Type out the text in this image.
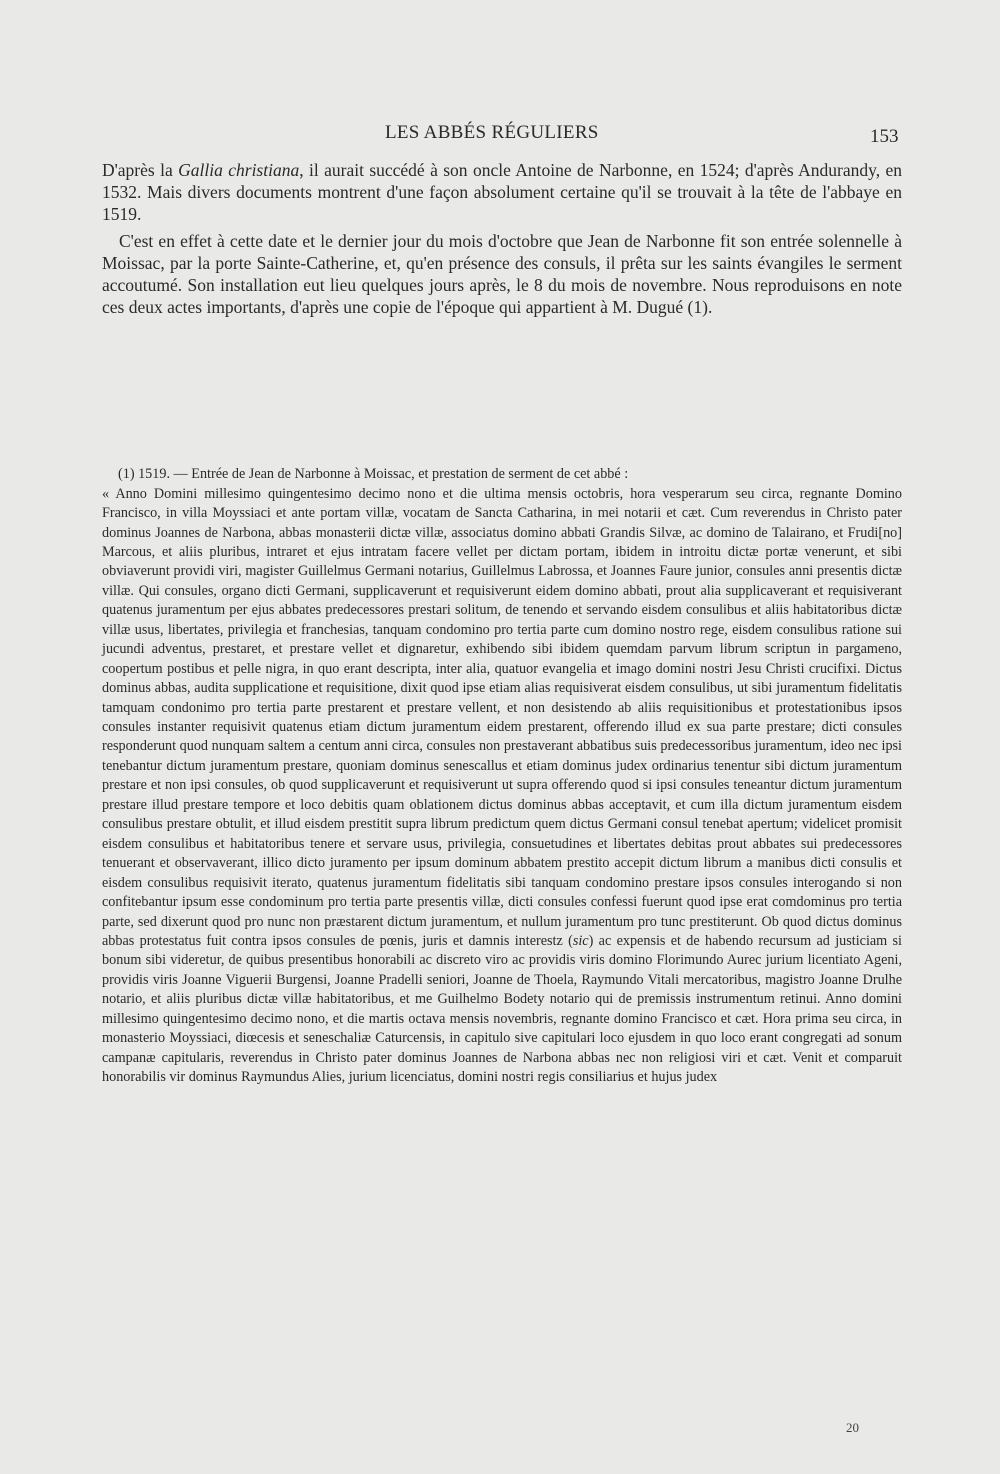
LES ABBÉS RÉGULIERS	153

D'après la Gallia christiana, il aurait succédé à son oncle Antoine de Narbonne, en 1524; d'après Andurandy, en 1532. Mais divers documents montrent d'une façon absolument certaine qu'il se trouvait à la tête de l'abbaye en 1519.

C'est en effet à cette date et le dernier jour du mois d'octobre que Jean de Narbonne fit son entrée solennelle à Moissac, par la porte Sainte-Catherine, et, qu'en présence des consuls, il prêta sur les saints évangiles le serment accoutumé. Son installation eut lieu quelques jours après, le 8 du mois de novembre. Nous reproduisons en note ces deux actes importants, d'après une copie de l'époque qui appartient à M. Dugué (1).

(1) 1519. — Entrée de Jean de Narbonne à Moissac, et prestation de serment de cet abbé :

« Anno Domini millesimo quingentesimo decimo nono et die ultima mensis octobris, hora vesperarum seu circa, regnante Domino Francisco, in villa Moyssiaci et ante portam villæ, vocatam de Sancta Catharina, in mei notarii et cæt. Cum reverendus in Christo pater dominus Joannes de Narbona, abbas monasterii dictæ villæ, associatus domino abbati Grandis Silvæ, ac domino de Talairano, et Frudi[no] Marcous, et aliis pluribus, intraret et ejus intratam facere vellet per dictam portam, ibidem in introitu dictæ portæ venerunt, et sibi obviaverunt providi viri, magister Guillelmus Germani notarius, Guillelmus Labrossa, et Joannes Faure junior, consules anni presentis dictæ villæ. Qui consules, organo dicti Germani, supplicaverunt et requisiverunt eidem domino abbati, prout alia supplicaverant et requisiverant quatenus juramentum per ejus abbates predecessores prestari solitum, de tenendo et servando eisdem consulibus et aliis habitatoribus dictæ villæ usus, libertates, privilegia et franchesias, tanquam condomino pro tertia parte cum domino nostro rege, eisdem consulibus ratione sui jucundi adventus, prestaret, et prestare vellet et dignaretur, exhibendo sibi ibidem quemdam parvum librum scriptun in pargameno, coopertum postibus et pelle nigra, in quo erant descripta, inter alia, quatuor evangelia et imago domini nostri Jesu Christi crucifixi. Dictus dominus abbas, audita supplicatione et requisitione, dixit quod ipse etiam alias requisiverat eisdem consulibus, ut sibi juramentum fidelitatis tamquam condonimo pro tertia parte prestarent et prestare vellent, et non desistendo ab aliis requisitionibus et protestationibus ipsos consules instanter requisivit quatenus etiam dictum juramentum eidem prestarent, offerendo illud ex sua parte prestare; dicti consules responderunt quod nunquam saltem a centum anni circa, consules non prestaverant abbatibus suis predecessoribus juramentum, ideo nec ipsi tenebantur dictum juramentum prestare, quoniam dominus senescallus et etiam dominus judex ordinarius tenentur sibi dictum juramentum prestare et non ipsi consules, ob quod supplicaverunt et requisiverunt ut supra offerendo quod si ipsi consules teneantur dictum juramentum prestare illud prestare tempore et loco debitis quam oblationem dictus dominus abbas acceptavit, et cum illa dictum juramentum eisdem consulibus prestare obtulit, et illud eisdem prestitit supra librum predictum quem dictus Germani consul tenebat apertum; videlicet promisit eisdem consulibus et habitatoribus tenere et servare usus, privilegia, consuetudines et libertates debitas prout abbates sui predecessores tenuerant et observaverant, illico dicto juramento per ipsum dominum abbatem prestito accepit dictum librum a manibus dicti consulis et eisdem consulibus requisivit iterato, quatenus juramentum fidelitatis sibi tanquam condomino prestare ipsos consules interogando si non confitebantur ipsum esse condominum pro tertia parte presentis villæ, dicti consules confessi fuerunt quod ipse erat comdominus pro tertia parte, sed dixerunt quod pro nunc non præstarent dictum juramentum, et nullum juramentum pro tunc prestiterunt. Ob quod dictus dominus abbas protestatus fuit contra ipsos consules de pœnis, juris et damnis interestz (sic) ac expensis et de habendo recursum ad justiciam si bonum sibi videretur, de quibus presentibus honorabili ac discreto viro ac providis viris domino Florimundo Aurec jurium licentiato Ageni, providis viris Joanne Viguerii Burgensi, Joanne Pradelli seniori, Joanne de Thoela, Raymundo Vitali mercatoribus, magistro Joanne Drulhe notario, et aliis pluribus dictæ villæ habitatoribus, et me Guilhelmo Bodety notario qui de premissis instrumentum retinui. Anno domini millesimo quingentesimo decimo nono, et die martis octava mensis novembris, regnante domino Francisco et cæt. Hora prima seu circa, in monasterio Moyssiaci, diœcesis et seneschaliæ Caturcensis, in capitulo sive capitulari loco ejusdem in quo loco erant congregati ad sonum campanæ capitularis, reverendus in Christo pater dominus Joannes de Narbona abbas nec non religiosi viri et cæt. Venit et comparuit honorabilis vir dominus Raymundus Alies, jurium licenciatus, domini nostri regis consiliarius et hujus judex

20
